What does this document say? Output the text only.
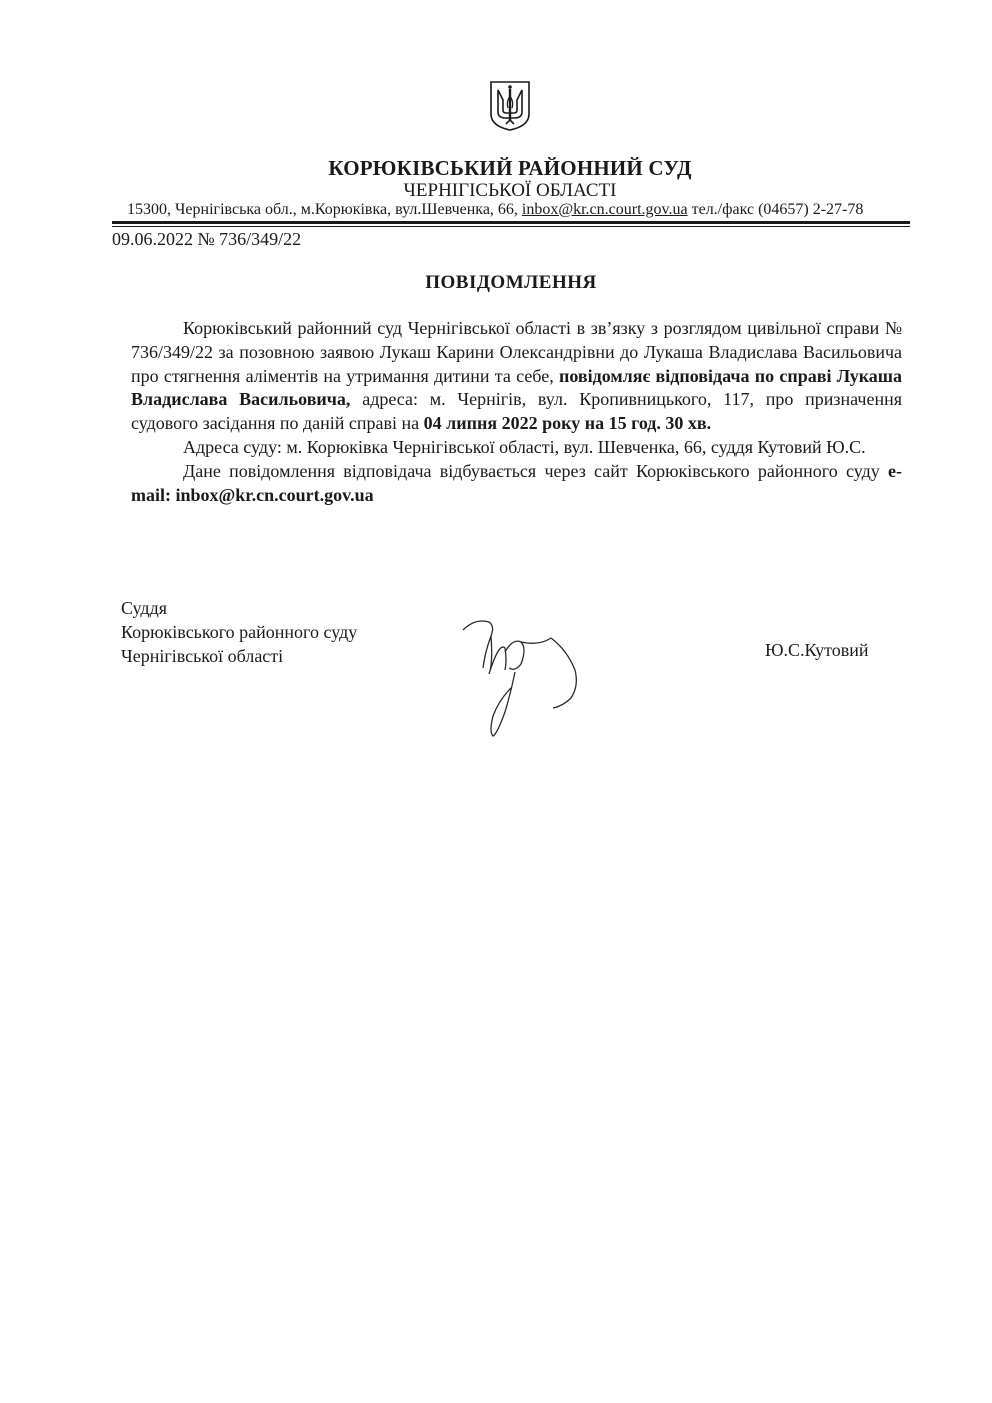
КОРЮКІВСЬКИЙ РАЙОННИЙ СУД
ЧЕРНІГІСЬКОЇ ОБЛАСТІ
15300, Чернігівська обл., м.Корюківка, вул.Шевченка, 66, inbox@kr.cn.court.gov.ua тел./факс (04657) 2-27-78
09.06.2022 № 736/349/22
ПОВІДОМЛЕННЯ

Корюківський районний суд Чернігівської області в зв’язку з розглядом цивільної справи № 736/349/22 за позовною заявою Лукаш Карини Олександрівни до Лукаша Владислава Васильовича про стягнення аліментів на утримання дитини та себе, повідомляє відповідача по справі Лукаша Владислава Васильовича, адреса: м. Чернігів, вул. Кропивницького, 117, про призначення судового засідання по даній справі на 04 липня 2022 року на 15 год. 30 хв.

Адреса суду: м. Корюківка Чернігівської області, вул. Шевченка, 66, суддя Кутовий Ю.С.

Дане повідомлення відповідача відбувається через сайт Корюківського районного суду e-mail: inbox@kr.cn.court.gov.ua

Суддя
Корюківського районного суду
Чернігівської області	Ю.С.Кутовий
